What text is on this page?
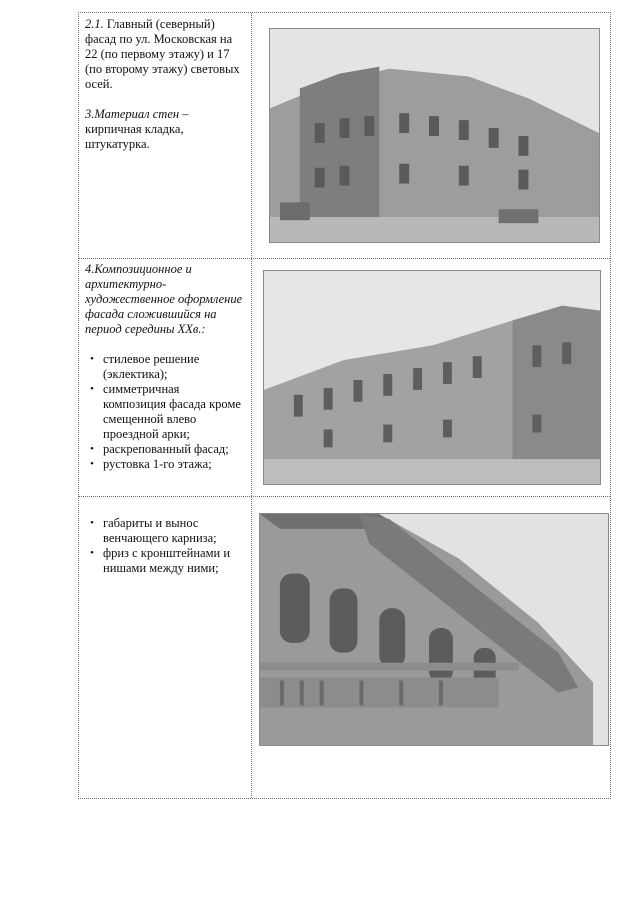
2.1. Главный (северный) фасад по ул. Московская на 22 (по первому этажу) и 17 (по второму этажу) световых осей.

3.Материал стен – кирпичная кладка, штукатурка.

4.Композиционное и архитектурно-художественное оформление фасада сложившийся на период середины XXв.:

• стилевое решение (эклектика);
• симметричная композиция фасада кроме смещенной влево проездной арки;
• раскрепованный фасад;
• рустовка 1-го этажа;
• габариты и вынос венчающего карниза;
• фриз с кронштейнами и нишами между ними;
